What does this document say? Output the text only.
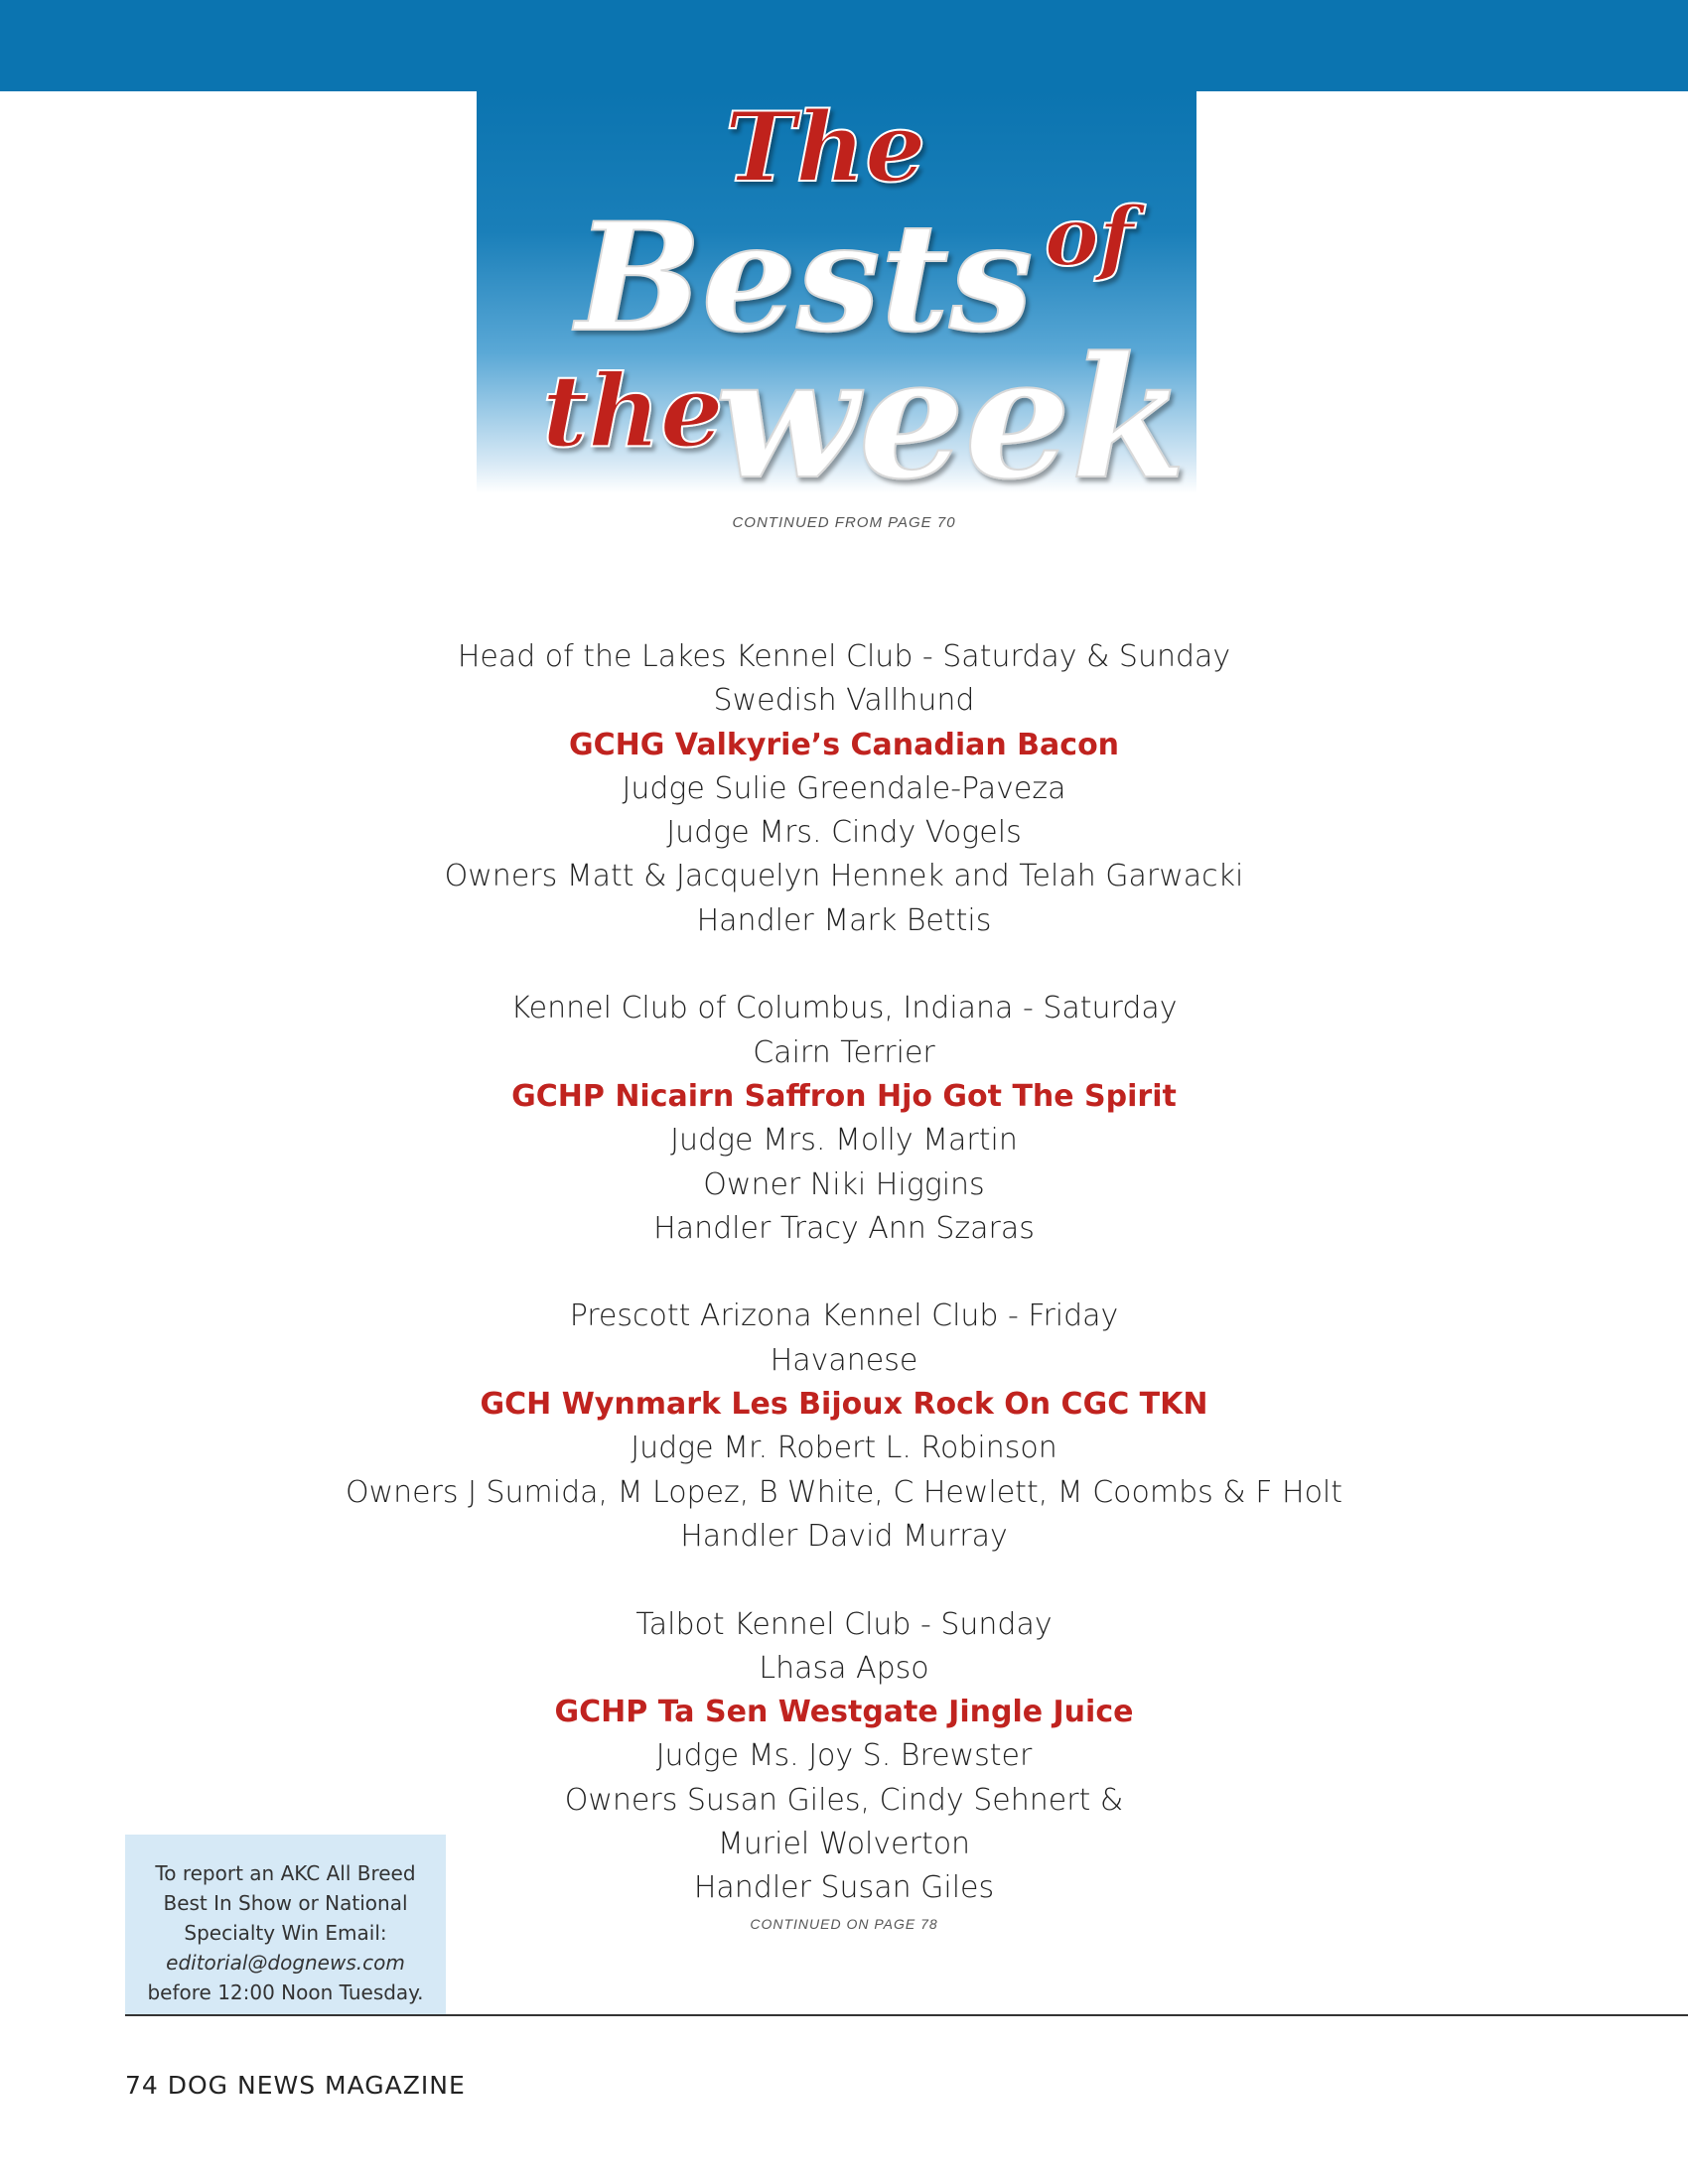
The
Bests of
the
week
CONTINUED FROM PAGE 70
Head of the Lakes Kennel Club - Saturday & Sunday
Swedish Vallhund
GCHG Valkyrie’s Canadian Bacon
Judge Sulie Greendale-Paveza
Judge Mrs. Cindy Vogels
Owners Matt & Jacquelyn Hennek and Telah Garwacki
Handler Mark Bettis
Kennel Club of Columbus, Indiana - Saturday
Cairn Terrier
GCHP Nicairn Saffron Hjo Got The Spirit
Judge Mrs. Molly Martin
Owner Niki Higgins
Handler Tracy Ann Szaras
Prescott Arizona Kennel Club - Friday
Havanese
GCH Wynmark Les Bijoux Rock On CGC TKN
Judge Mr. Robert L. Robinson
Owners J Sumida, M Lopez, B White, C Hewlett, M Coombs & F Holt
Handler David Murray
Talbot Kennel Club - Sunday
Lhasa Apso
GCHP Ta Sen Westgate Jingle Juice
Judge Ms. Joy S. Brewster
Owners Susan Giles, Cindy Sehnert &
Muriel Wolverton
Handler Susan Giles
CONTINUED ON PAGE 78
To report an AKC All Breed
Best In Show or National
Specialty Win Email:
editorial@dognews.com
before 12:00 Noon Tuesday.
74 DOG NEWS MAGAZINE
